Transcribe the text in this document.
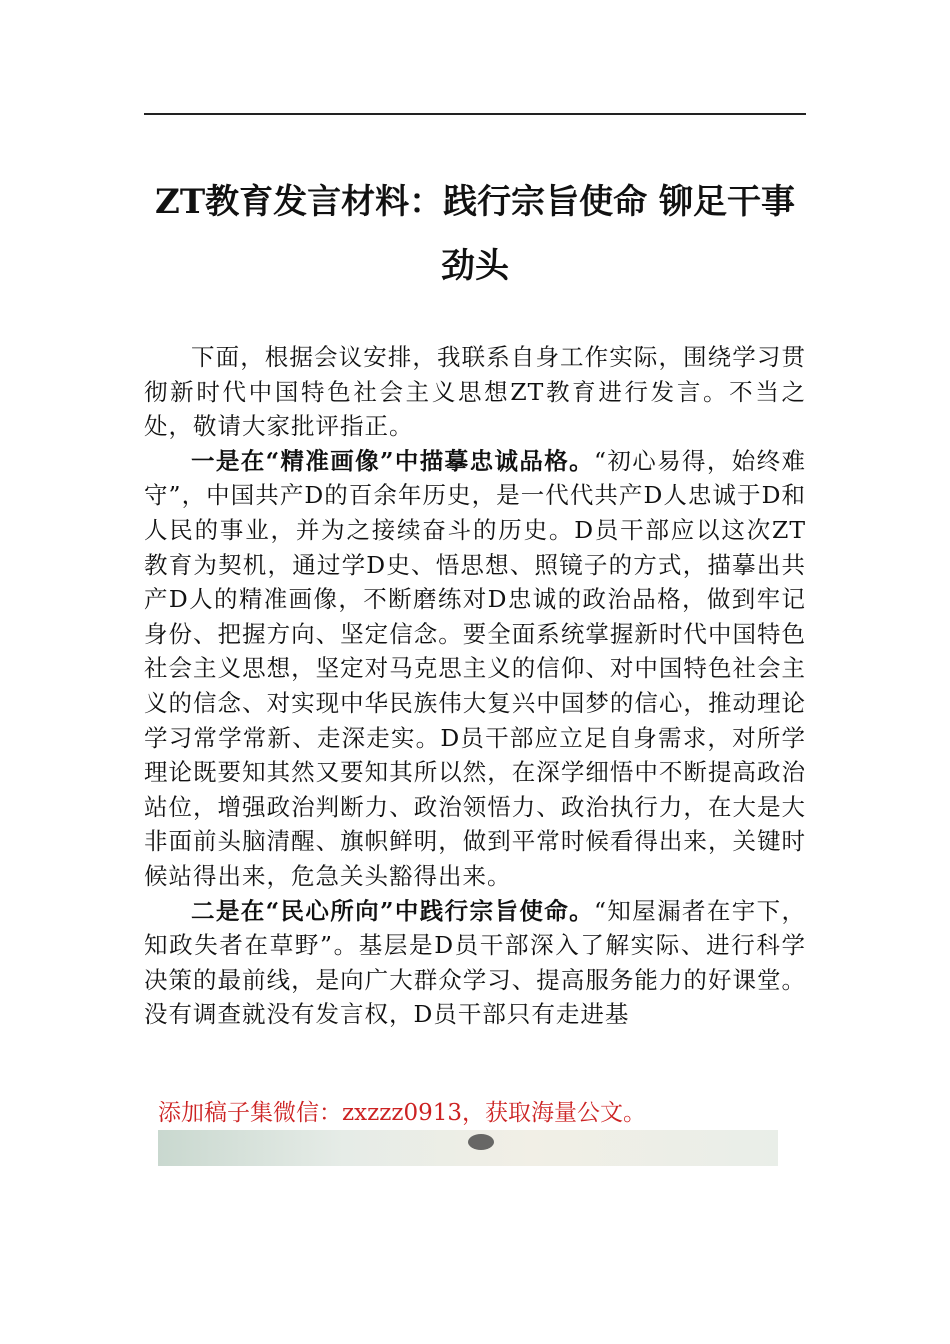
ZT教育发言材料：践行宗旨使命 铆足干事劲头

下面，根据会议安排，我联系自身工作实际，围绕学习贯彻新时代中国特色社会主义思想ZT教育进行发言。不当之处，敬请大家批评指正。

一是在“精准画像”中描摹忠诚品格。“初心易得，始终难守”，中国共产D的百余年历史，是一代代共产D人忠诚于D和人民的事业，并为之接续奋斗的历史。D员干部应以这次ZT教育为契机，通过学D史、悟思想、照镜子的方式，描摹出共产D人的精准画像，不断磨练对D忠诚的政治品格，做到牢记身份、把握方向、坚定信念。要全面系统掌握新时代中国特色社会主义思想，坚定对马克思主义的信仰、对中国特色社会主义的信念、对实现中华民族伟大复兴中国梦的信心，推动理论学习常学常新、走深走实。D员干部应立足自身需求，对所学理论既要知其然又要知其所以然，在深学细悟中不断提高政治站位，增强政治判断力、政治领悟力、政治执行力，在大是大非面前头脑清醒、旗帜鲜明，做到平常时候看得出来，关键时候站得出来，危急关头豁得出来。

二是在“民心所向”中践行宗旨使命。“知屋漏者在宇下，知政失者在草野”。基层是D员干部深入了解实际、进行科学决策的最前线，是向广大群众学习、提高服务能力的好课堂。没有调查就没有发言权，D员干部只有走进基

添加稿子集微信：zxzzz0913，获取海量公文。
